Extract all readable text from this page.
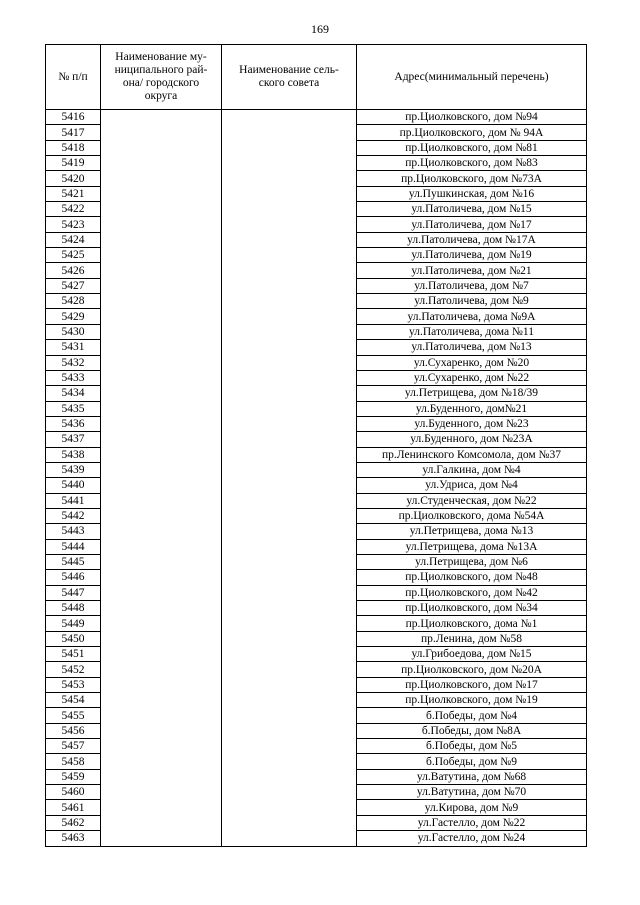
169
№ п/п	Наименование му-
ниципального рай-
она/ городского
округа	Наименование сель-
ского совета	Адрес(минимальный перечень)
5416			пр.Циолковского, дом №94
5417			пр.Циолковского, дом № 94А
5418			пр.Циолковского, дом №81
5419			пр.Циолковского, дом №83
5420			пр.Циолковского, дом №73А
5421			ул.Пушкинская, дом №16
5422			ул.Патоличева, дом №15
5423			ул.Патоличева, дом №17
5424			ул.Патоличева, дом №17А
5425			ул.Патоличева, дом №19
5426			ул.Патоличева, дом №21
5427			ул.Патоличева, дом №7
5428			ул.Патоличева, дом №9
5429			ул.Патоличева, дома №9А
5430			ул.Патоличева, дома №11
5431			ул.Патоличева, дом №13
5432			ул.Сухаренко, дом №20
5433			ул.Сухаренко, дом №22
5434			ул.Петрищева, дом №18/39
5435			ул.Буденного, дом№21
5436			ул.Буденного, дом №23
5437			ул.Буденного, дом №23А
5438			пр.Ленинского Комсомола, дом №37
5439			ул.Галкина, дом №4
5440			ул.Удриса, дом №4
5441			ул.Студенческая, дом №22
5442			пр.Циолковского, дома №54А
5443			ул.Петрищева, дома №13
5444			ул.Петрищева, дома №13А
5445			ул.Петрищева, дом №6
5446			пр.Циолковского, дом №48
5447			пр.Циолковского, дом №42
5448			пр.Циолковского, дом №34
5449			пр.Циолковского, дома №1
5450			пр.Ленина, дом №58
5451			ул.Грибоедова, дом №15
5452			пр.Циолковского, дом №20А
5453			пр.Циолковского, дом №17
5454			пр.Циолковского, дом №19
5455			б.Победы, дом №4
5456			б.Победы, дом №8А
5457			б.Победы, дом №5
5458			б.Победы, дом №9
5459			ул.Ватутина, дом №68
5460			ул.Ватутина, дом №70
5461			ул.Кирова, дом №9
5462			ул.Гастелло, дом №22
5463			ул.Гастелло, дом №24
